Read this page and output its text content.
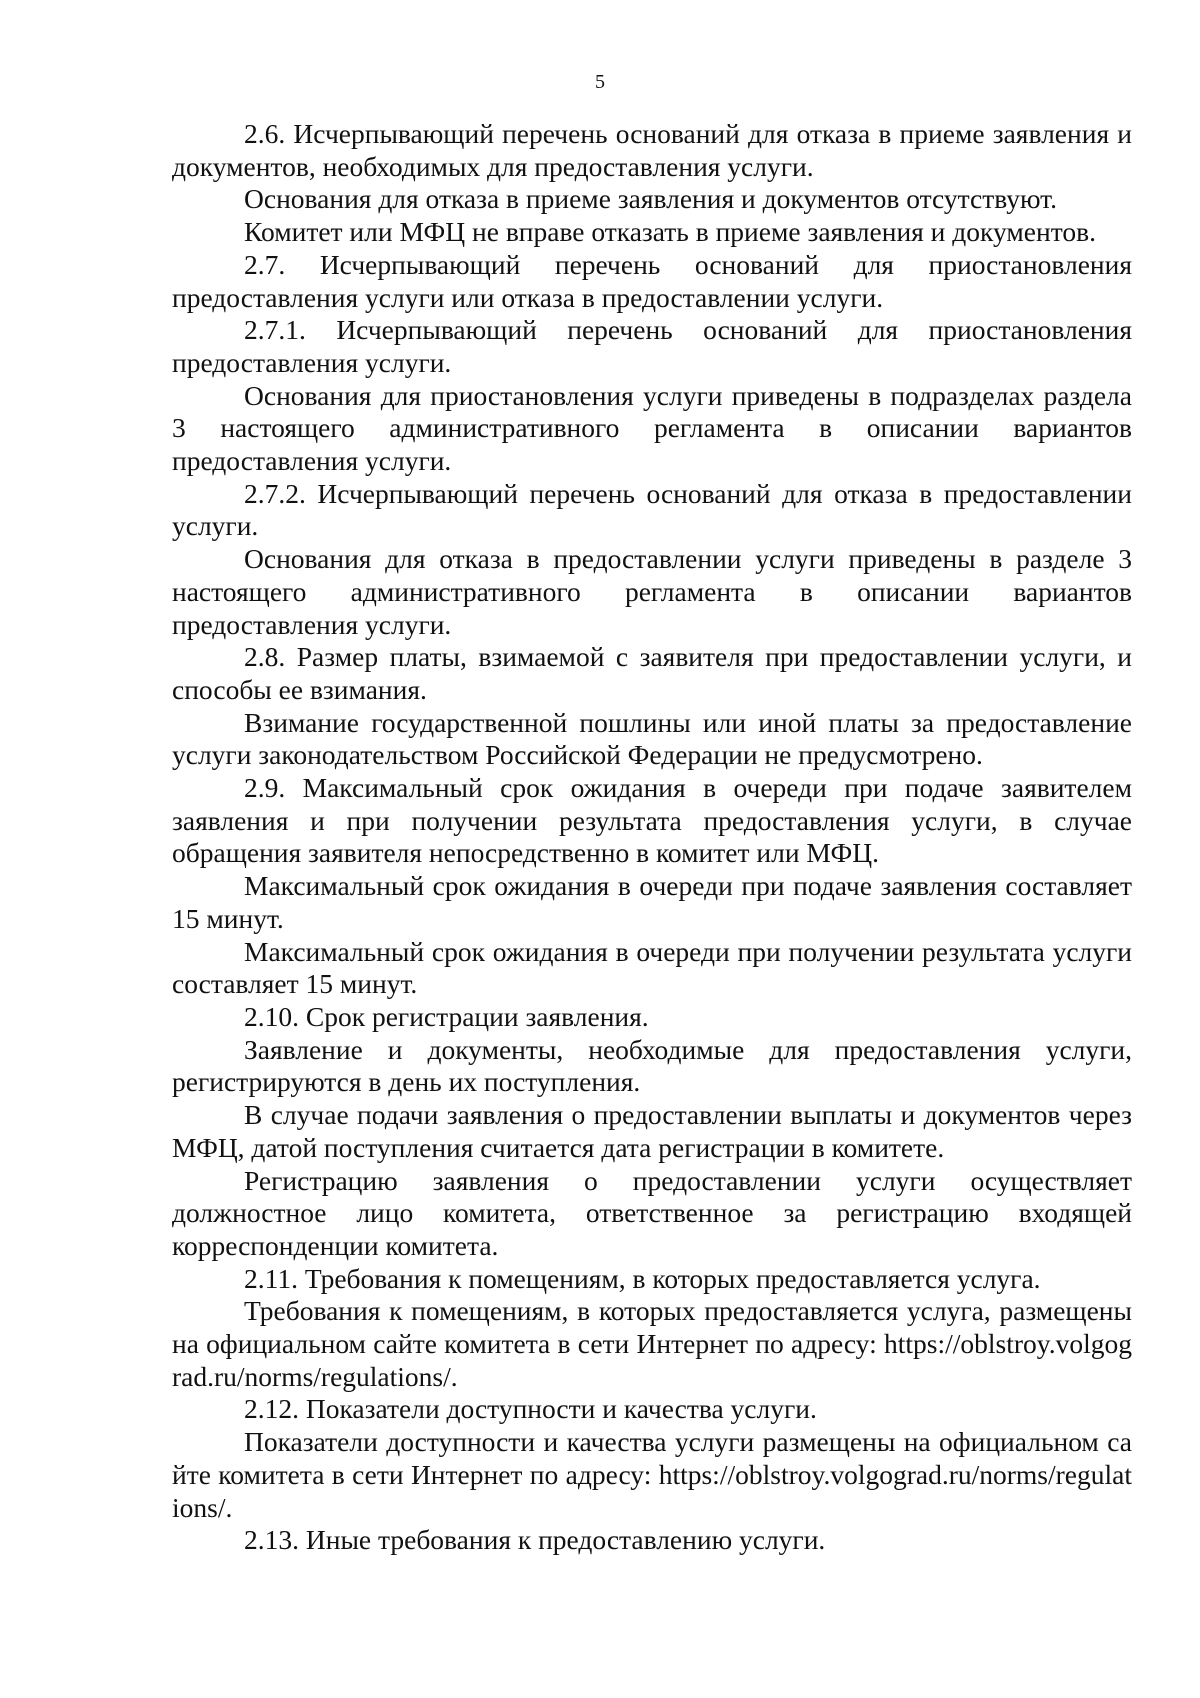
5

2.6. Исчерпывающий перечень оснований для отказа в приеме заявления и документов, необходимых для предоставления услуги.

Основания для отказа в приеме заявления и документов отсутствуют.

Комитет или МФЦ не вправе отказать в приеме заявления и документов.

2.7. Исчерпывающий перечень оснований для приостановления предоставления услуги или отказа в предоставлении услуги.

2.7.1. Исчерпывающий перечень оснований для приостановления предоставления услуги.

Основания для приостановления услуги приведены в подразделах раздела 3 настоящего административного регламента в описании вариантов предоставления услуги.

2.7.2. Исчерпывающий перечень оснований для отказа в предоставлении услуги.

Основания для отказа в предоставлении услуги приведены в разделе 3 настоящего административного регламента в описании вариантов предоставления услуги.

2.8. Размер платы, взимаемой с заявителя при предоставлении услуги, и способы ее взимания.

Взимание государственной пошлины или иной платы за предоставление услуги законодательством Российской Федерации не предусмотрено.

2.9. Максимальный срок ожидания в очереди при подаче заявителем заявления и при получении результата предоставления услуги, в случае обращения заявителя непосредственно в комитет или МФЦ.

Максимальный срок ожидания в очереди при подаче заявления составляет 15 минут.

Максимальный срок ожидания в очереди при получении результата услуги составляет 15 минут.

2.10. Срок регистрации заявления.

Заявление и документы, необходимые для предоставления услуги, регистрируются в день их поступления.

В случае подачи заявления о предоставлении выплаты и документов через МФЦ, датой поступления считается дата регистрации в комитете.

Регистрацию заявления о предоставлении услуги осуществляет должностное лицо комитета, ответственное за регистрацию входящей корреспонденции комитета.

2.11. Требования к помещениям, в которых предоставляется услуга.

Требования к помещениям, в которых предоставляется услуга, размещены на официальном сайте комитета в сети Интернет по адресу: https://oblstroy.volgograd.ru/norms/regulations/.

2.12. Показатели доступности и качества услуги.

Показатели доступности и качества услуги размещены на официальном сайте комитета в сети Интернет по адресу: https://oblstroy.volgograd.ru/norms/regulations/.

2.13. Иные требования к предоставлению услуги.
